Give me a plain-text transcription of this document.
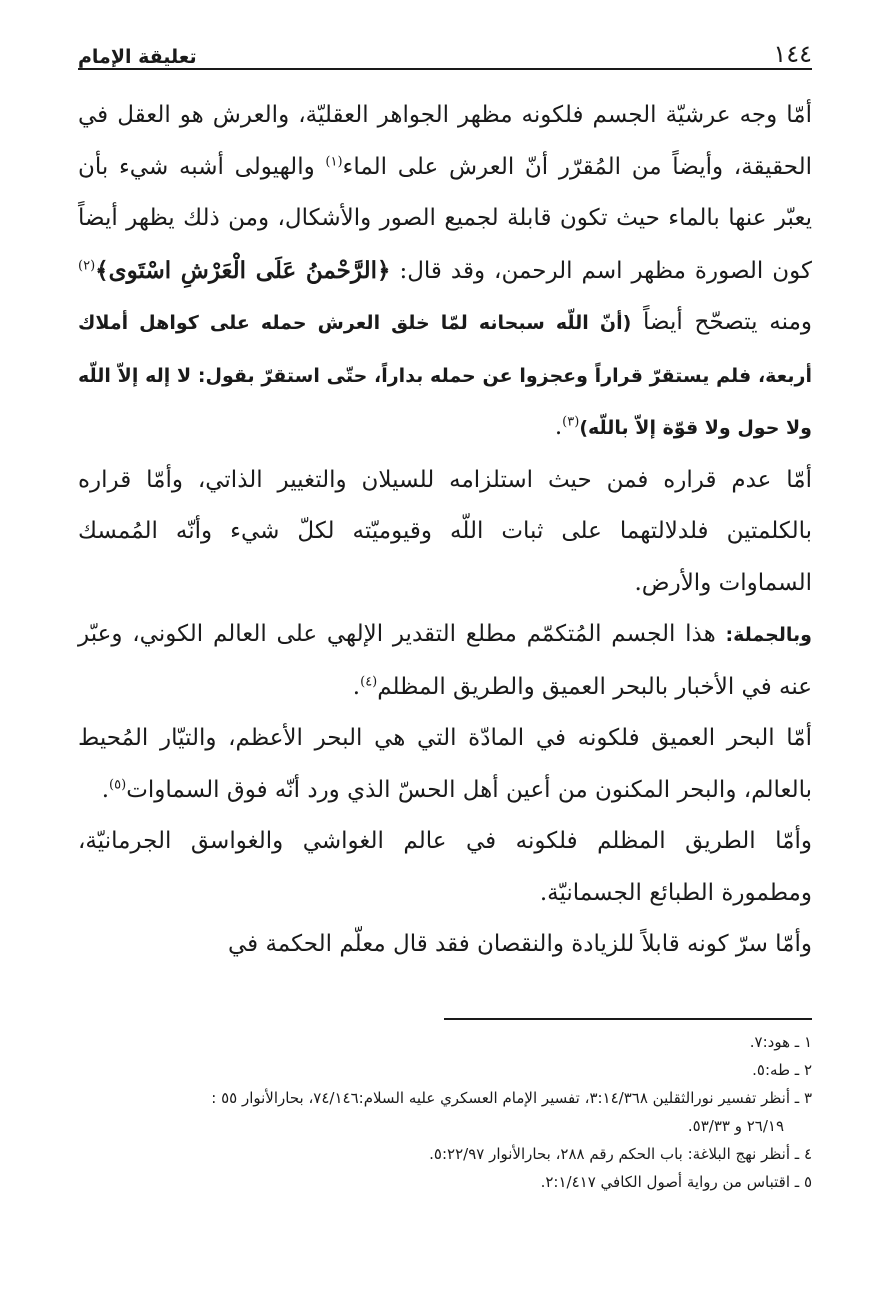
١٤٤
تعليقة الإمام

أمّا وجه عرشيّة الجسم فلكونه مظهر الجواهر العقليّة، والعرش هو العقل في الحقيقة، وأيضاً من المُقرّر أنّ العرش على الماء$^{(١)}$ والهيولى أشبه شيء بأن يعبّر عنها بالماء حيث تكون قابلة لجميع الصور والأشكال، ومن ذلك يظهر أيضاً كون الصورة مظهر اسم الرحمن، وقد قال: ﴿الرَّحْمنُ عَلَى الْعَرْشِ اسْتَوى﴾$^{(٢)}$ ومنه يتصحّح أيضاً (أنّ اللّه سبحانه لمّا خلق العرش حمله على كواهل أملاك أربعة، فلم يستقرّ قراراً وعجزوا عن حمله بداراً، حتّى استقرّ بقول: لا إله إلاّ اللّه ولا حول ولا قوّة إلاّ باللّه)$^{(٣)}$.

أمّا عدم قراره فمن حيث استلزامه للسيلان والتغيير الذاتي، وأمّا قراره بالكلمتين فلدلالتهما على ثبات اللّه وقيوميّته لكلّ شيء وأنّه المُمسك السماوات والأرض.

وبالجملة: هذا الجسم المُتكمّم مطلع التقدير الإلهي على العالم الكوني، وعبّر عنه في الأخبار بالبحر العميق والطريق المظلم$^{(٤)}$.

أمّا البحر العميق فلكونه في المادّة التي هي البحر الأعظم، والتيّار المُحيط بالعالم، والبحر المكنون من أعين أهل الحسّ الذي ورد أنّه فوق السماوات$^{(٥)}$.

وأمّا الطريق المظلم فلكونه في عالم الغواشي والغواسق الجرمانيّة، ومطمورة الطبائع الجسمانيّة.

وأمّا سرّ كونه قابلاً للزيادة والنقصان فقد قال معلّم الحكمة في

١ ـ هود:٧.

٢ ـ طه:٥.

٣ ـ أنظر تفسير نورالثقلين ٣:١٤/٣٦٨، تفسير الإمام العسكري عليه السلام:٧٤/١٤٦، بحارالأنوار ٥٥ :

٢٦/١٩ و ٥٣/٣٣.

٤ ـ أنظر نهج البلاغة: باب الحكم رقم ٢٨٨، بحارالأنوار ٥:٢٢/٩٧.

٥ ـ اقتباس من رواية أصول الكافي ٢:١/٤١٧.
